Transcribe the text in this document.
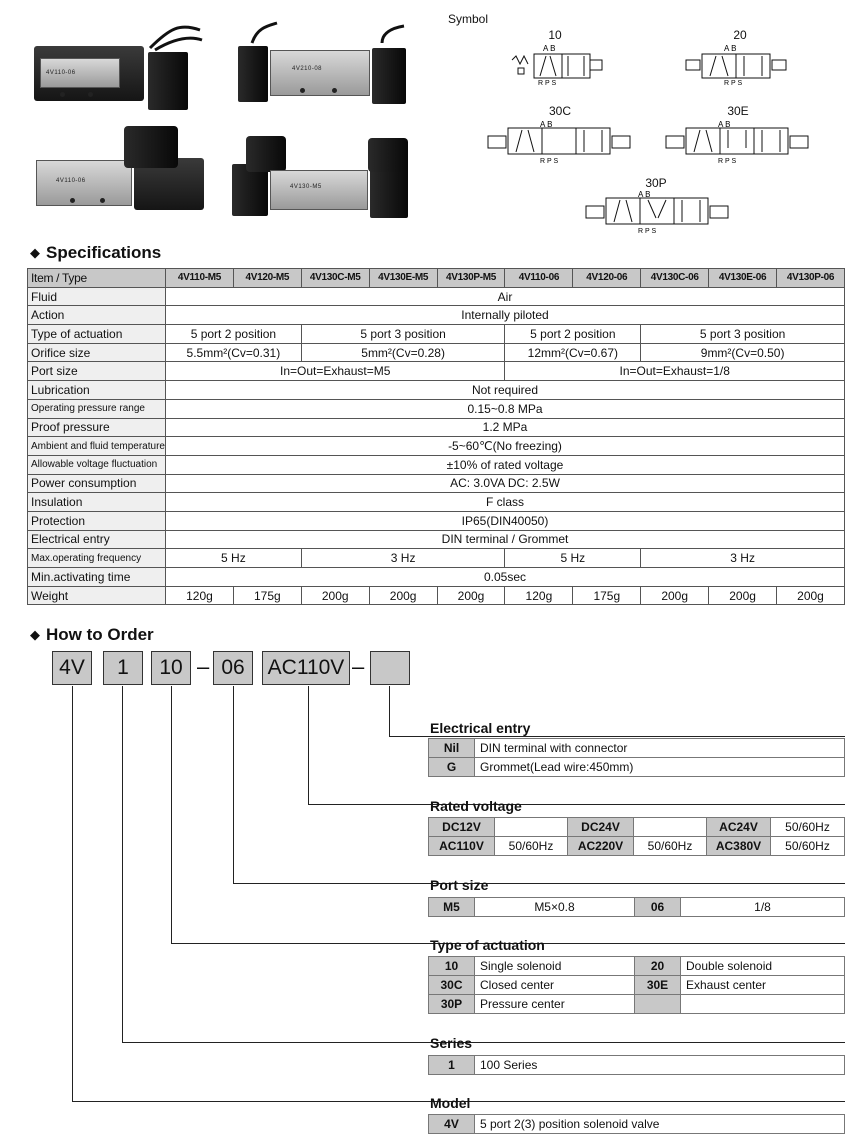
4V110-06
4V210-08
4V110-06
4V130-M5
Symbol
10
A B
R P S
20
A B
R P S
30C
A B
R P S
30E
A B
R P S
30P
A B
R P S
◆ Specifications
Item / Type	4V110-M5	4V120-M5	4V130C-M5	4V130E-M5	4V130P-M5	4V110-06	4V120-06	4V130C-06	4V130E-06	4V130P-06
Fluid	Air									
Action	Internally piloted									
Type of actuation	5 port 2 position		5 port 3 position			5 port 2 position		5 port 3 position		
Orifice size	5.5mm²(Cv=0.31)		5mm²(Cv=0.28)			12mm²(Cv=0.67)		9mm²(Cv=0.50)		
Port size	In=Out=Exhaust=M5					In=Out=Exhaust=1/8				
Lubrication	Not required									
Operating pressure range	0.15~0.8 MPa									
Proof pressure	1.2 MPa									
Ambient and fluid temperature	-5~60℃(No freezing)									
Allowable voltage fluctuation	±10% of rated voltage									
Power consumption	AC: 3.0VA DC: 2.5W									
Insulation	F class									
Protection	IP65(DIN40050)									
Electrical entry	DIN terminal / Grommet									
Max.operating frequency	5 Hz		3 Hz			5 Hz		3 Hz		
Min.activating time	0.05sec									
Weight	120g	175g	200g	200g	200g	120g	175g	200g	200g	200g
◆ How to Order
4V	1	10 – 06	AC110V –
Electrical entry
Nil	DIN terminal with connector
G	Grommet(Lead wire:450mm)
Rated voltage
DC12V		DC24V		AC24V	50/60Hz
AC110V	50/60Hz	AC220V	50/60Hz	AC380V	50/60Hz
Port size
M5	M5×0.8	06	1/8
Type of actuation
10	Single solenoid	20	Double solenoid
30C	Closed center	30E	Exhaust center
30P	Pressure center		
Series
1	100 Series
Model
4V	5 port 2(3) position solenoid valve
